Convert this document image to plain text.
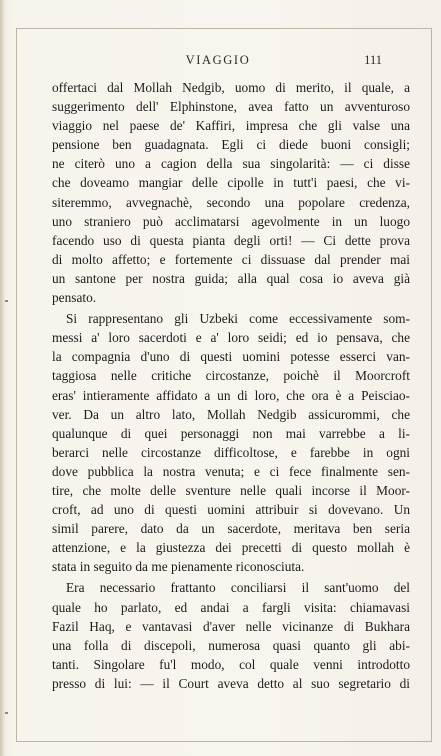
VIAGGIO	111
offertaci dal Mollah Nedgib, uomo di merito, il quale, a
suggerimento dell' Elphinstone, avea fatto un avventuroso
viaggio nel paese de' Kaffiri, impresa che gli valse una
pensione ben guadagnata. Egli ci diede buoni consigli;
ne citerò uno a cagion della sua singolarità: — ci disse
che doveamo mangiar delle cipolle in tutt'i paesi, che vi-
siteremmo, avvegnachè, secondo una popolare credenza,
uno straniero può acclimatarsi agevolmente in un luogo
facendo uso di questa pianta degli orti! — Ci dette prova
di molto affetto; e fortemente ci dissuase dal prender mai
un santone per nostra guida; alla qual cosa io aveva già
pensato.
Si rappresentano gli Uzbeki come eccessivamente som-
messi a' loro sacerdoti e a' loro seidi; ed io pensava, che
la compagnia d'uno di questi uomini potesse esserci van-
taggiosa nelle critiche circostanze, poichè il Moorcroft
eras' intieramente affidato a un di loro, che ora è a Peisciaо-
ver. Da un altro lato, Mollah Nedgib assicurommi, che
qualunque di quei personaggi non mai varrebbe a li-
berarci nelle circostanze difficoltose, e farebbe in ogni
dove pubblica la nostra venuta; e ci fece finalmente sen-
tire, che molte delle sventure nelle quali incorse il Moor-
croft, ad uno di questi uomini attribuir si dovevano. Un
simil parere, dato da un sacerdote, meritava ben seria
attenzione, e la giustezza dei precetti di questo mollah è
stata in seguito da me pienamente riconosciuta.
Era necessario frattanto conciliarsi il sant'uomo del
quale ho parlato, ed andai a fargli visita: chiamavasi
Fazil Haq, e vantavasi d'aver nelle vicinanze di Bukhara
una folla di discepoli, numerosa quasi quanto gli abi-
tanti. Singolare fu'l modo, col quale venni introdotto
presso di lui: — il Court aveva detto al suo segretario di
